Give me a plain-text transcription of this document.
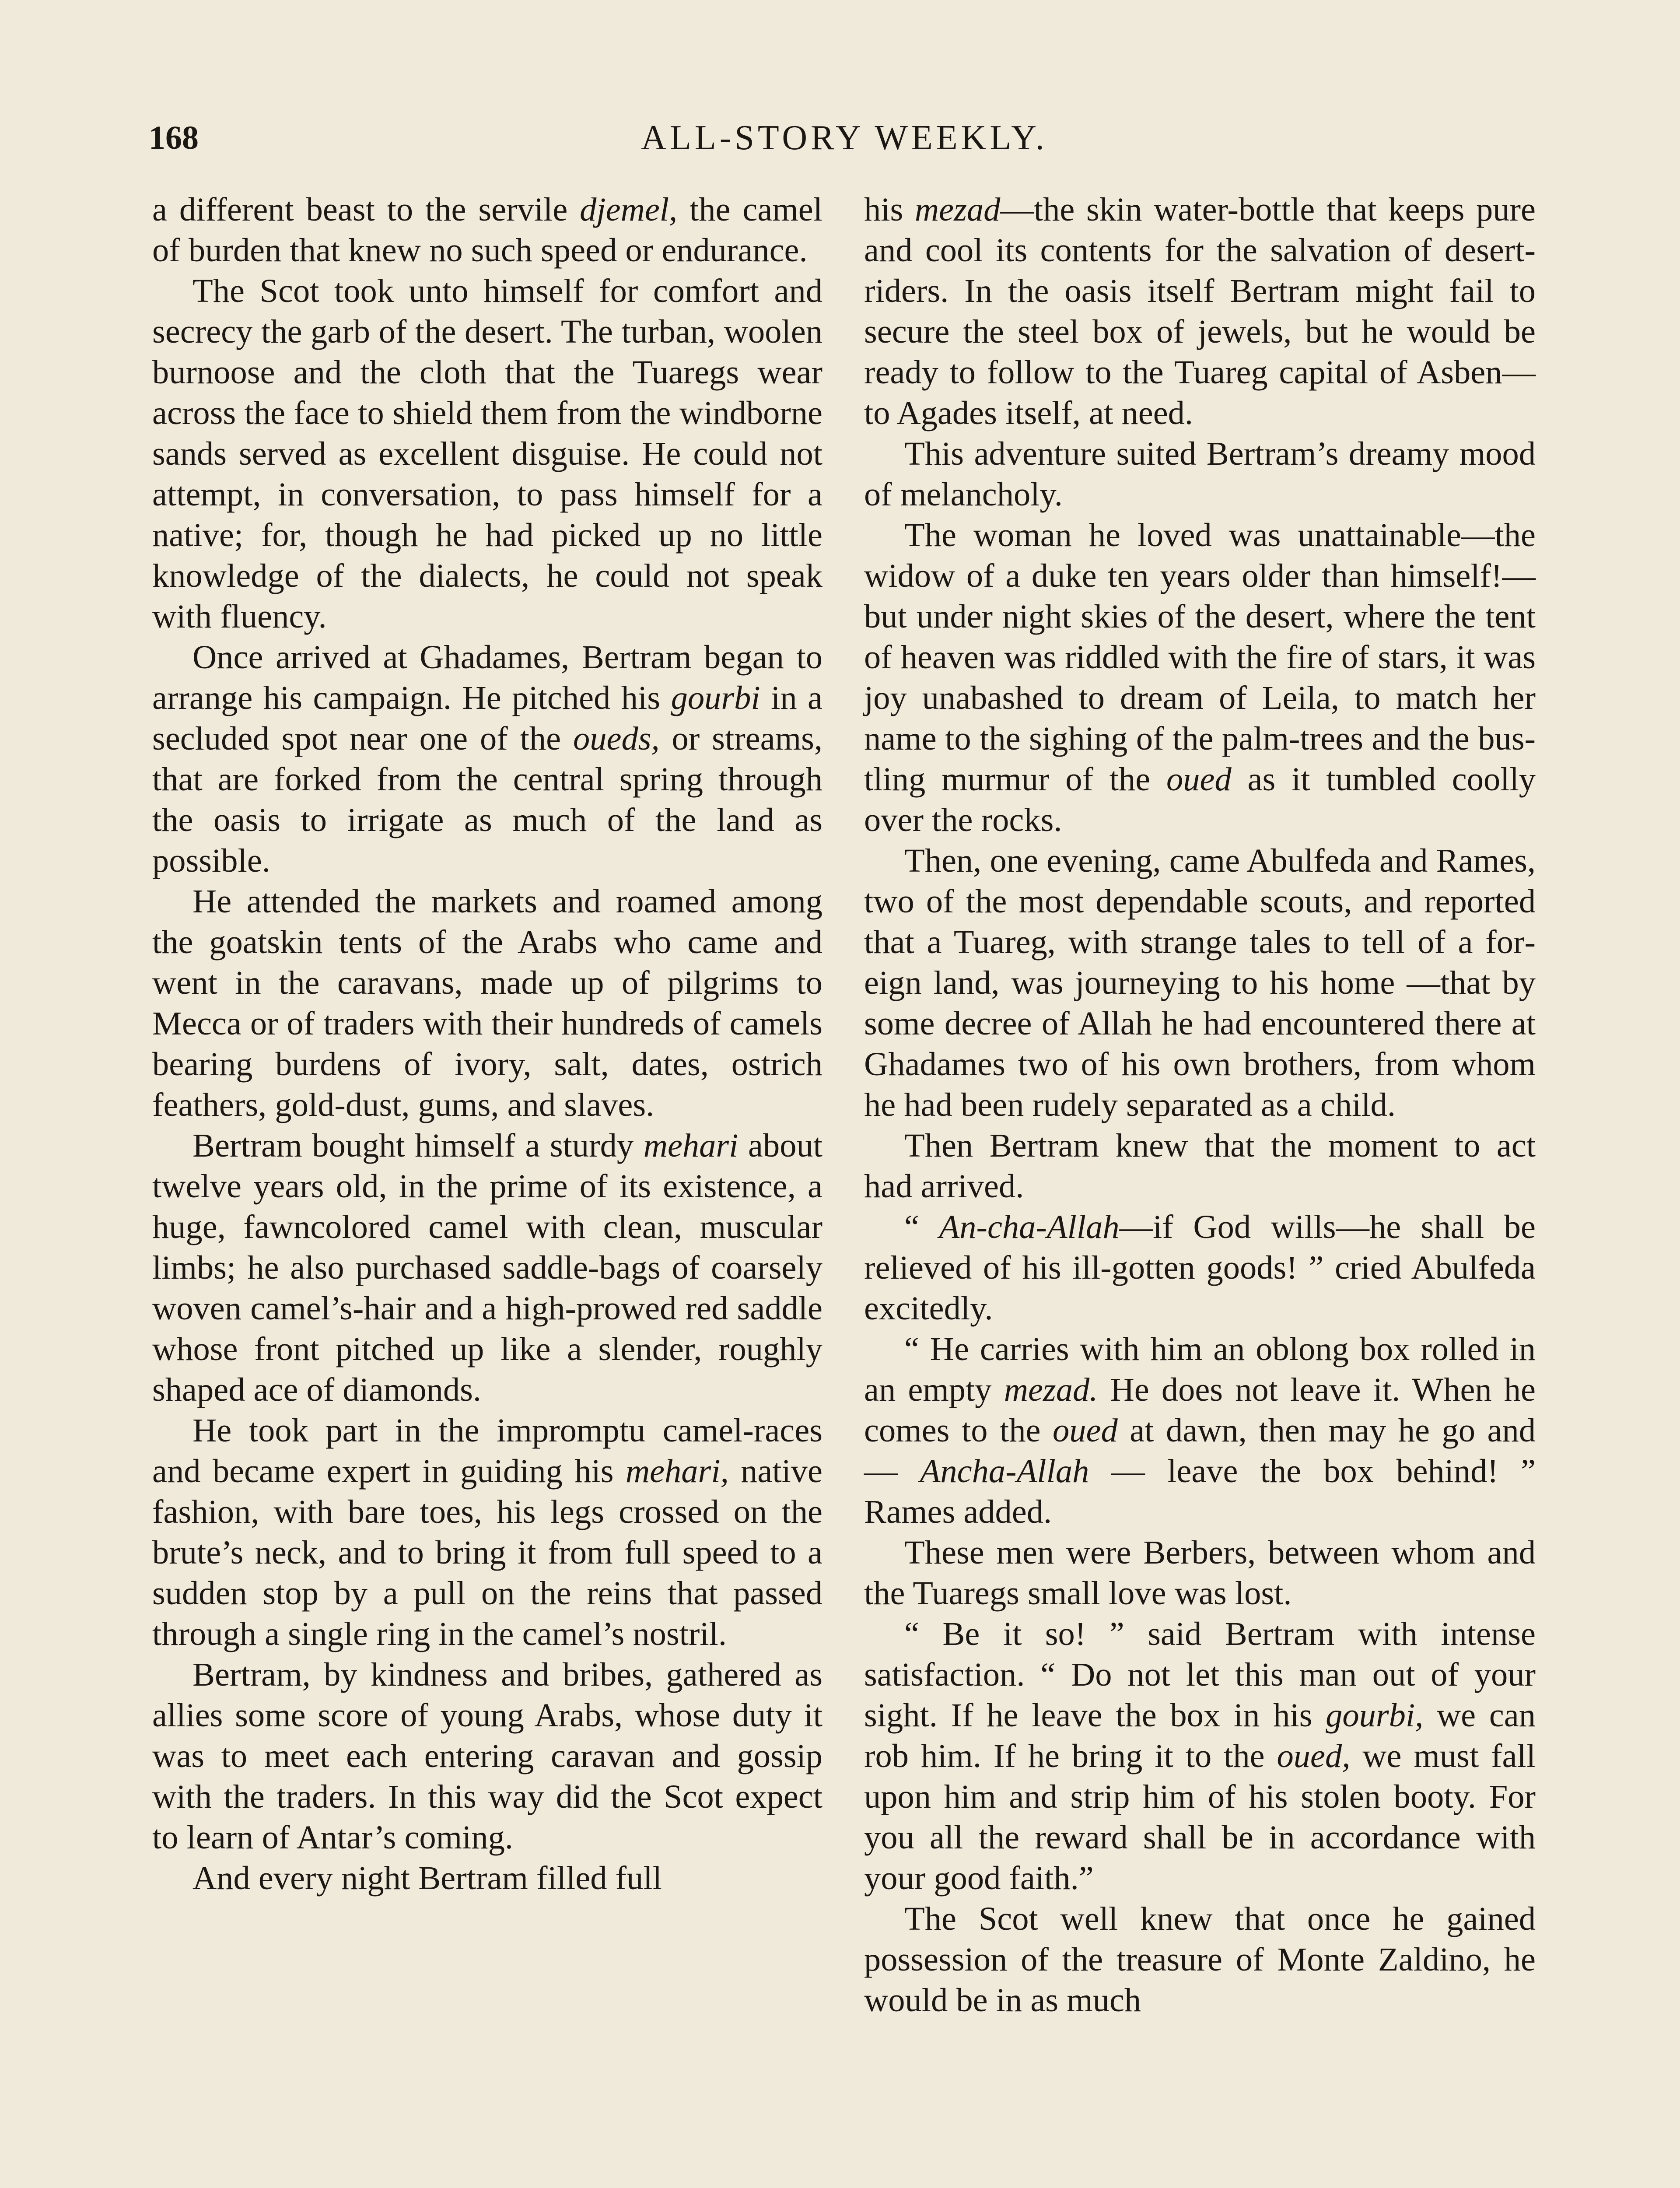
168	ALL-STORY WEEKLY.

a different beast to the servile djemel, the camel of burden that knew no such speed or endurance.

The Scot took unto himself for comfort and secrecy the garb of the desert. The turban, woolen burnoose and the cloth that the Tuaregs wear across the face to shield them from the windborne sands served as excellent disguise. He could not attempt, in conversation, to pass himself for a native; for, though he had picked up no little knowledge of the dialects, he could not speak with fluency.

Once arrived at Ghadames, Bertram began to arrange his campaign. He pitched his gourbi in a secluded spot near one of the oueds, or streams, that are forked from the central spring through the oasis to irrigate as much of the land as possible.

He attended the markets and roamed among the goatskin tents of the Arabs who came and went in the caravans, made up of pilgrims to Mecca or of traders with their hundreds of camels bearing burdens of ivory, salt, dates, ostrich feathers, gold-dust, gums, and slaves.

Bertram bought himself a sturdy mehari about twelve years old, in the prime of its existence, a huge, fawncolored camel with clean, muscular limbs; he also purchased saddle-bags of coarsely woven camel’s-hair and a high-prowed red saddle whose front pitched up like a slender, roughly shaped ace of diamonds.

He took part in the impromptu camel-races and became expert in guiding his mehari, native fashion, with bare toes, his legs crossed on the brute’s neck, and to bring it from full speed to a sudden stop by a pull on the reins that passed through a single ring in the camel’s nostril.

Bertram, by kindness and bribes, gathered as allies some score of young Arabs, whose duty it was to meet each entering caravan and gossip with the traders. In this way did the Scot expect to learn of Antar’s coming.

And every night Bertram filled full

his mezad—the skin water-bottle that keeps pure and cool its contents for the salvation of desert-riders. In the oasis itself Bertram might fail to secure the steel box of jewels, but he would be ready to follow to the Tuareg capital of Asben—to Agades itself, at need.

This adventure suited Bertram’s dreamy mood of melancholy.

The woman he loved was unattainable—the widow of a duke ten years older than himself!—but under night skies of the desert, where the tent of heaven was riddled with the fire of stars, it was joy unabashed to dream of Leila, to match her name to the sighing of the palm-trees and the bustling murmur of the oued as it tumbled coolly over the rocks.

Then, one evening, came Abulfeda and Rames, two of the most dependable scouts, and reported that a Tuareg, with strange tales to tell of a foreign land, was journeying to his home —that by some decree of Allah he had encountered there at Ghadames two of his own brothers, from whom he had been rudely separated as a child.

Then Bertram knew that the moment to act had arrived.

“ An-cha-Allah—if God wills—he shall be relieved of his ill-gotten goods! ” cried Abulfeda excitedly.

“ He carries with him an oblong box rolled in an empty mezad. He does not leave it. When he comes to the oued at dawn, then may he go and — Ancha-Allah — leave the box behind! ” Rames added.

These men were Berbers, between whom and the Tuaregs small love was lost.

“ Be it so! ” said Bertram with intense satisfaction. “ Do not let this man out of your sight. If he leave the box in his gourbi, we can rob him. If he bring it to the oued, we must fall upon him and strip him of his stolen booty. For you all the reward shall be in accordance with your good faith.”

The Scot well knew that once he gained possession of the treasure of Monte Zaldino, he would be in as much
